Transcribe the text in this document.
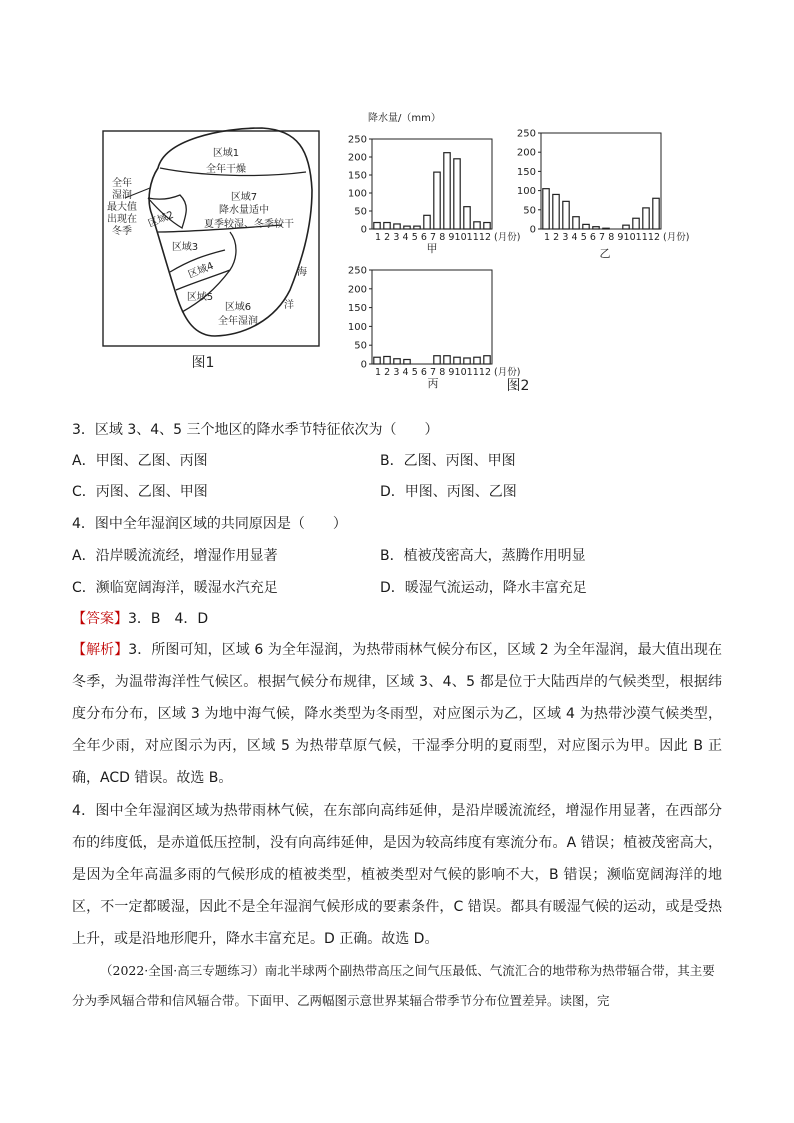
全年
湿润
最大值
出现在
冬季
区域1
全年干燥
区域7
降水量适中
夏季较湿、冬季较干
区域2
区域3
区域4
区域5
区域6
全年湿润
海
洋
图1
降水量/（mm）
图2
250
200
150
100
50
0
1 2 3 4 5 6 7 8 9101112 (月份)
甲
250
200
150
100
50
0
1 2 3 4 5 6 7 8 9101112 (月份)
乙
250
200
150
100
50
0
1 2 3 4 5 6 7 8 9101112 (月份)
丙
3．区域 3、4、5 三个地区的降水季节特征依次为（　　）
A．甲图、乙图、丙图	B．乙图、丙图、甲图
C．丙图、乙图、甲图	D．甲图、丙图、乙图
4．图中全年湿润区域的共同原因是（　　）
A．沿岸暖流流经，增湿作用显著	B．植被茂密高大，蒸腾作用明显
C．濒临宽阔海洋，暖湿水汽充足	D．暖湿气流运动，降水丰富充足
【答案】3．B　4．D
【解析】3．所图可知，区域 6 为全年湿润，为热带雨林气候分布区，区域 2 为全年湿润，最大值出现在冬季，为温带海洋性气候区。根据气候分布规律，区域 3、4、5 都是位于大陆西岸的气候类型，根据纬度分布分布，区域 3 为地中海气候，降水类型为冬雨型，对应图示为乙，区域 4 为热带沙漠气候类型，全年少雨，对应图示为丙，区域 5 为热带草原气候，干湿季分明的夏雨型，对应图示为甲。因此 B 正确，ACD 错误。故选 B。
4．图中全年湿润区域为热带雨林气候，在东部向高纬延伸，是沿岸暖流流经，增湿作用显著，在西部分布的纬度低，是赤道低压控制，没有向高纬延伸，是因为较高纬度有寒流分布。A 错误；植被茂密高大，是因为全年高温多雨的气候形成的植被类型，植被类型对气候的影响不大，B 错误；濒临宽阔海洋的地区，不一定都暖湿，因此不是全年湿润气候形成的要素条件，C 错误。都具有暖湿气候的运动，或是受热上升，或是沿地形爬升，降水丰富充足。D 正确。故选 D。
（2022·全国·高三专题练习）南北半球两个副热带高压之间气压最低、气流汇合的地带称为热带辐合带，其主要分为季风辐合带和信风辐合带。下面甲、乙两幅图示意世界某辐合带季节分布位置差异。读图，完
